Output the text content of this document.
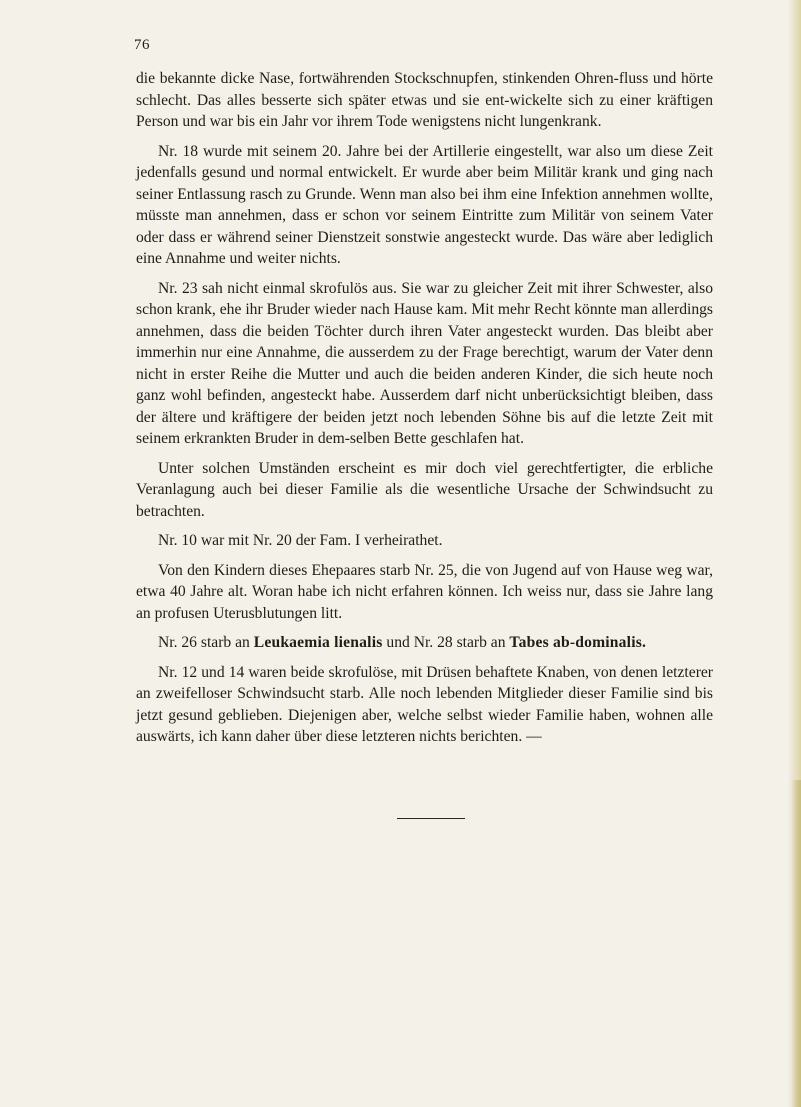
76

die bekannte dicke Nase, fortwährenden Stockschnupfen, stinkenden Ohren-fluss und hörte schlecht. Das alles besserte sich später etwas und sie ent-wickelte sich zu einer kräftigen Person und war bis ein Jahr vor ihrem Tode wenigstens nicht lungenkrank.

Nr. 18 wurde mit seinem 20. Jahre bei der Artillerie eingestellt, war also um diese Zeit jedenfalls gesund und normal entwickelt. Er wurde aber beim Militär krank und ging nach seiner Entlassung rasch zu Grunde. Wenn man also bei ihm eine Infektion annehmen wollte, müsste man annehmen, dass er schon vor seinem Eintritte zum Militär von seinem Vater oder dass er während seiner Dienstzeit sonstwie angesteckt wurde. Das wäre aber lediglich eine Annahme und weiter nichts.

Nr. 23 sah nicht einmal skrofulös aus. Sie war zu gleicher Zeit mit ihrer Schwester, also schon krank, ehe ihr Bruder wieder nach Hause kam. Mit mehr Recht könnte man allerdings annehmen, dass die beiden Töchter durch ihren Vater angesteckt wurden. Das bleibt aber immerhin nur eine Annahme, die ausserdem zu der Frage berechtigt, warum der Vater denn nicht in erster Reihe die Mutter und auch die beiden anderen Kinder, die sich heute noch ganz wohl befinden, angesteckt habe. Ausserdem darf nicht unberücksichtigt bleiben, dass der ältere und kräftigere der beiden jetzt noch lebenden Söhne bis auf die letzte Zeit mit seinem erkrankten Bruder in dem-selben Bette geschlafen hat.

Unter solchen Umständen erscheint es mir doch viel gerechtfertigter, die erbliche Veranlagung auch bei dieser Familie als die wesentliche Ursache der Schwindsucht zu betrachten.

Nr. 10 war mit Nr. 20 der Fam. I verheirathet.

Von den Kindern dieses Ehepaares starb Nr. 25, die von Jugend auf von Hause weg war, etwa 40 Jahre alt. Woran habe ich nicht erfahren können. Ich weiss nur, dass sie Jahre lang an profusen Uterusblutungen litt.

Nr. 26 starb an Leukaemia lienalis und Nr. 28 starb an Tabes ab-dominalis.

Nr. 12 und 14 waren beide skrofulöse, mit Drüsen behaftete Knaben, von denen letzterer an zweifelloser Schwindsucht starb. Alle noch lebenden Mitglieder dieser Familie sind bis jetzt gesund geblieben. Diejenigen aber, welche selbst wieder Familie haben, wohnen alle auswärts, ich kann daher über diese letzteren nichts berichten. —
